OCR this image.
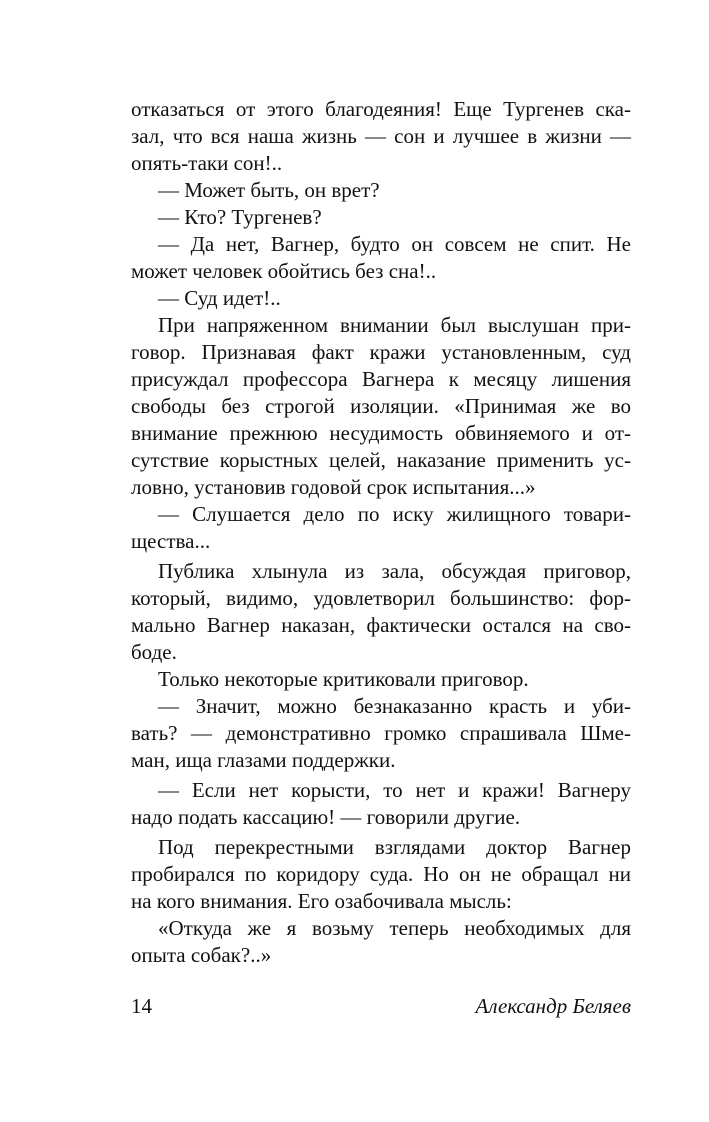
отказаться от этого благодеяния! Еще Тургенев ска-
зал, что вся наша жизнь — сон и лучшее в жизни —
опять-таки сон!..
— Может быть, он врет?
— Кто? Тургенев?
— Да нет, Вагнер, будто он совсем не спит. Не
может человек обойтись без сна!..
— Суд идет!..
При напряженном внимании был выслушан при-
говор. Признавая факт кражи установленным, суд
присуждал профессора Вагнера к месяцу лишения
свободы без строгой изоляции. «Принимая же во
внимание прежнюю несудимость обвиняемого и от-
сутствие корыстных целей, наказание применить ус-
ловно, установив годовой срок испытания...»
— Слушается дело по иску жилищного товари-
щества...
Публика хлынула из зала, обсуждая приговор,
который, видимо, удовлетворил большинство: фор-
мально Вагнер наказан, фактически остался на сво-
боде.
Только некоторые критиковали приговор.
— Значит, можно безнаказанно красть и уби-
вать? — демонстративно громко спрашивала Шме-
ман, ища глазами поддержки.
— Если нет корысти, то нет и кражи! Вагнеру
надо подать кассацию! — говорили другие.
Под перекрестными взглядами доктор Вагнер
пробирался по коридору суда. Но он не обращал ни
на кого внимания. Его озабочивала мысль:
«Откуда же я возьму теперь необходимых для
опыта собак?..»
14	Александр Беляев
